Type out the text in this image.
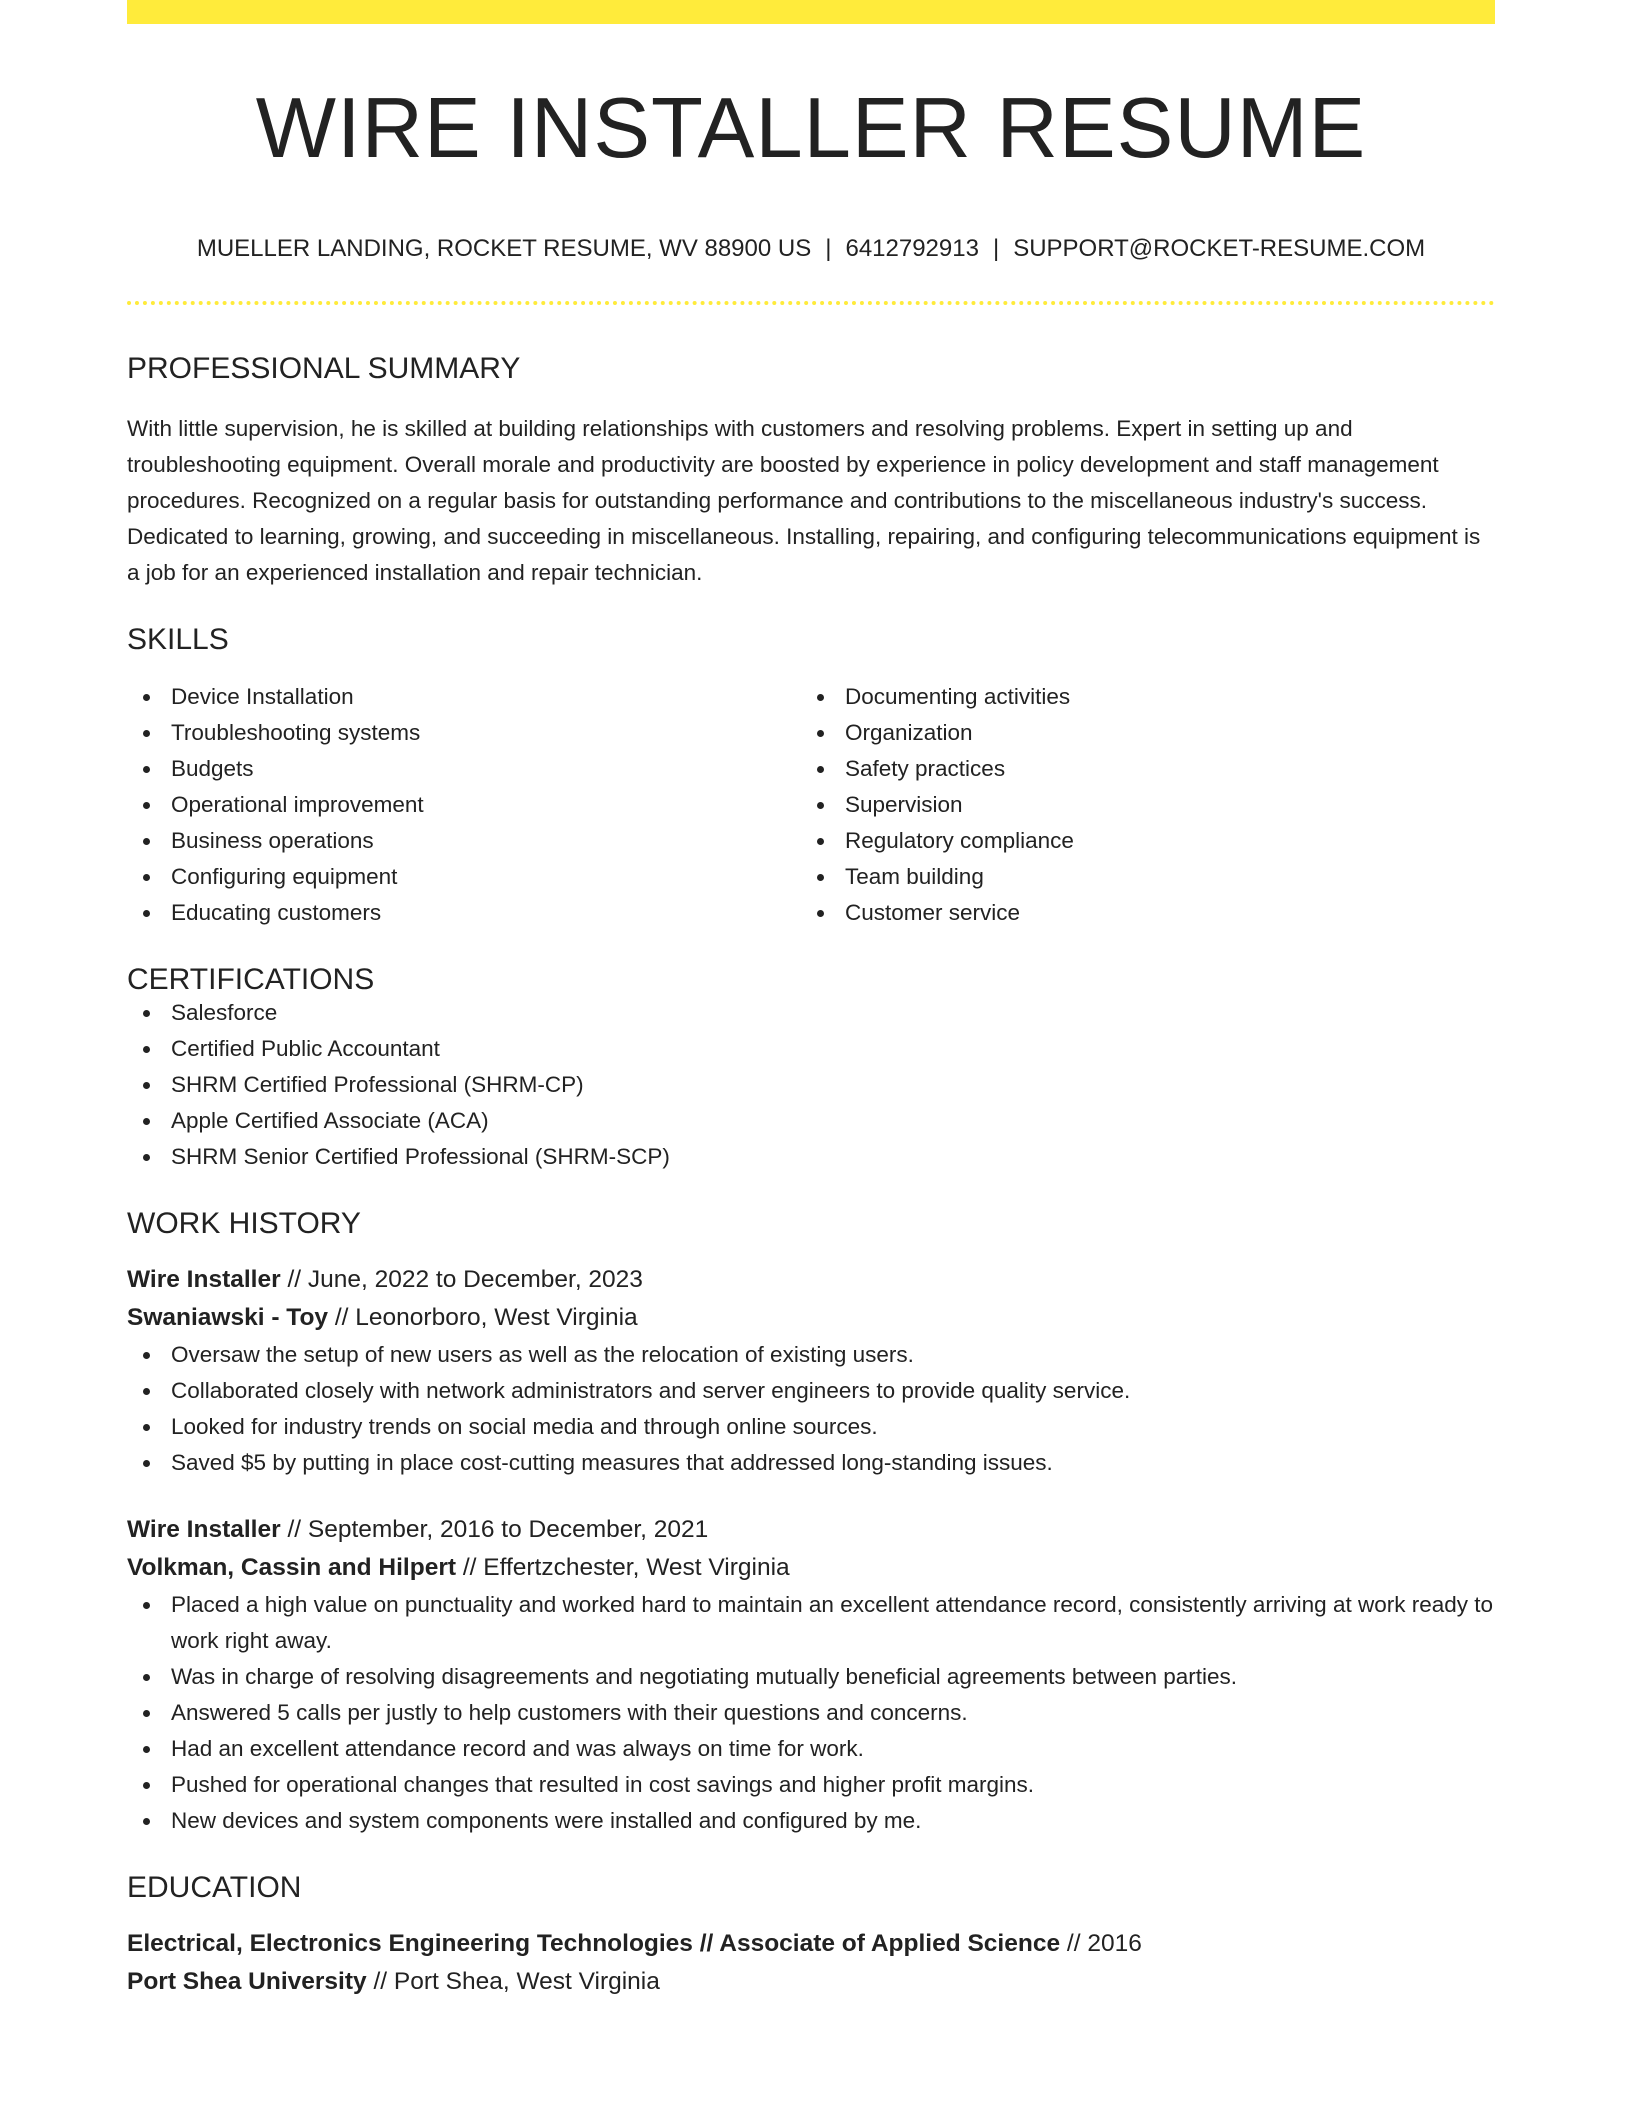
WIRE INSTALLER RESUME
MUELLER LANDING, ROCKET RESUME, WV 88900 US | 6412792913 | SUPPORT@ROCKET-RESUME.COM
PROFESSIONAL SUMMARY

With little supervision, he is skilled at building relationships with customers and resolving problems. Expert in setting up and troubleshooting equipment. Overall morale and productivity are boosted by experience in policy development and staff management procedures. Recognized on a regular basis for outstanding performance and contributions to the miscellaneous industry's success. Dedicated to learning, growing, and succeeding in miscellaneous. Installing, repairing, and configuring telecommunications equipment is a job for an experienced installation and repair technician.

SKILLS
Device Installation
Troubleshooting systems
Budgets
Operational improvement
Business operations
Configuring equipment
Educating customers
Documenting activities
Organization
Safety practices
Supervision
Regulatory compliance
Team building
Customer service
CERTIFICATIONS
Salesforce
Certified Public Accountant
SHRM Certified Professional (SHRM-CP)
Apple Certified Associate (ACA)
SHRM Senior Certified Professional (SHRM-SCP)
WORK HISTORY
Wire Installer // June, 2022 to December, 2023
Swaniawski - Toy // Leonorboro, West Virginia
Oversaw the setup of new users as well as the relocation of existing users.
Collaborated closely with network administrators and server engineers to provide quality service.
Looked for industry trends on social media and through online sources.
Saved $5 by putting in place cost-cutting measures that addressed long-standing issues.
Wire Installer // September, 2016 to December, 2021
Volkman, Cassin and Hilpert // Effertzchester, West Virginia
Placed a high value on punctuality and worked hard to maintain an excellent attendance record, consistently arriving at work ready to work right away.
Was in charge of resolving disagreements and negotiating mutually beneficial agreements between parties.
Answered 5 calls per justly to help customers with their questions and concerns.
Had an excellent attendance record and was always on time for work.
Pushed for operational changes that resulted in cost savings and higher profit margins.
New devices and system components were installed and configured by me.
EDUCATION
Electrical, Electronics Engineering Technologies // Associate of Applied Science // 2016
Port Shea University // Port Shea, West Virginia
